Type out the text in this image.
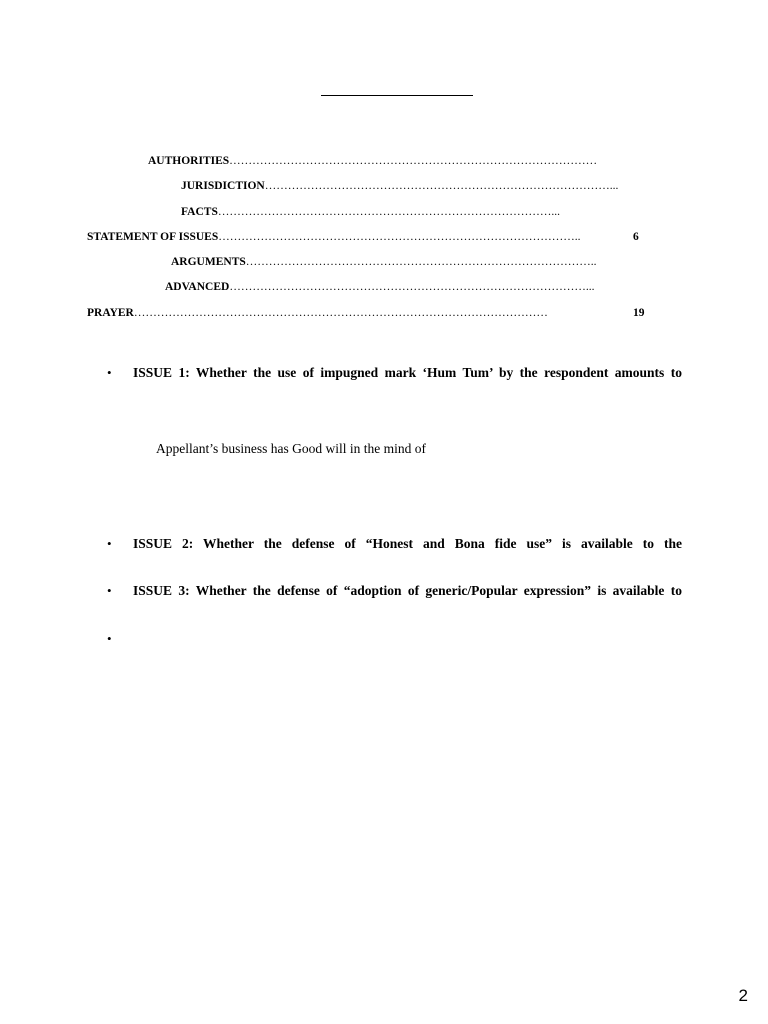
AUTHORITIES……………………………………………………………………………………
JURISDICTION………………………………………………………………………………...
FACTS……………………………………………………………………………...
STATEMENT OF ISSUES…………………………………………………………………………………..	6
ARGUMENTS………………………………………………………………………………..
ADVANCED…………………………………………………………………………………...
PRAYER………………………………………………………………………………………………	19
• ISSUE 1: Whether the use of impugned mark ‘Hum Tum’ by the respondent amounts to
Appellant’s business has Good will in the mind of
• ISSUE 2: Whether the defense of “Honest and Bona fide use” is available to the
• ISSUE 3: Whether the defense of “adoption of generic/Popular expression” is available to
•
2
